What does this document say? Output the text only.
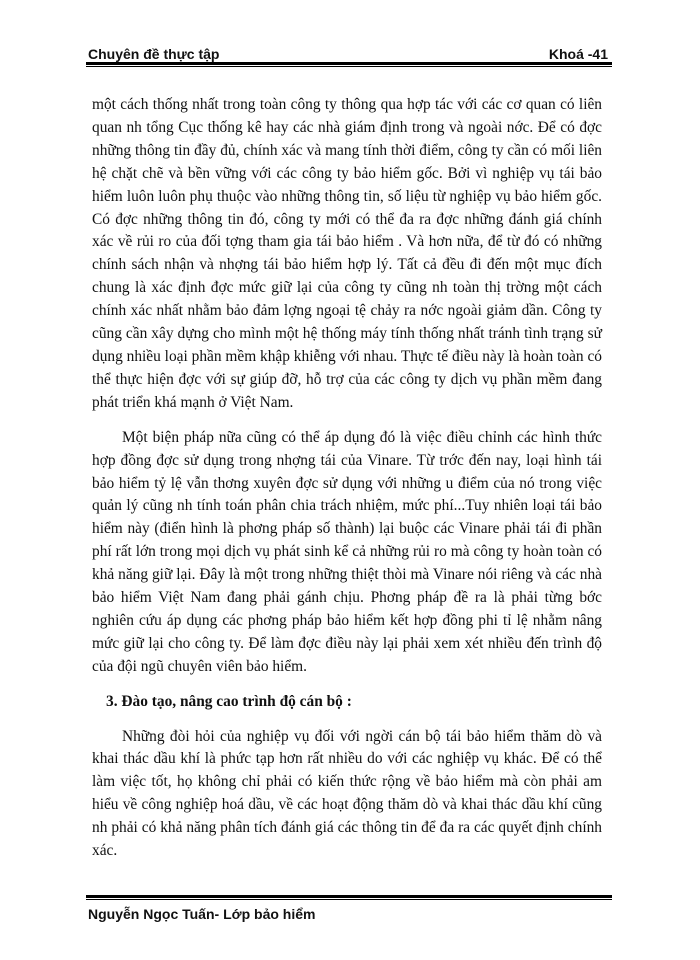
Chuyên đề thực tập	Khoá -41

một cách thống nhất trong toàn công ty thông qua hợp tác với các cơ quan có liên quan nh tổng Cục thống kê hay các nhà giám định trong và ngoài nớc. Để có đợc những thông tin đầy đủ, chính xác và mang tính thời điểm, công ty cần có mối liên hệ chặt chẽ và bền vững với các công ty bảo hiểm gốc. Bởi vì nghiệp vụ tái bảo hiểm luôn luôn phụ thuộc vào những thông tin, số liệu từ nghiệp vụ bảo hiểm gốc. Có đợc những thông tin đó, công ty mới có thể đa ra đợc những đánh giá chính xác về rủi ro của đối tợng tham gia tái bảo hiểm . Và hơn nữa, để từ đó có những chính sách nhận và nhợng tái bảo hiểm hợp lý. Tất cả đều đi đến một mục đích chung là xác định đợc mức giữ lại của công ty cũng nh toàn thị trờng một cách chính xác nhất nhằm bảo đảm lợng ngoại tệ chảy ra nớc ngoài giảm dần. Công ty cũng cần xây dựng cho mình một hệ thống máy tính thống nhất tránh tình trạng sử dụng nhiều loại phần mềm khập khiễng với nhau. Thực tế điều này là hoàn toàn có thể thực hiện đợc với sự giúp đỡ, hỗ trợ của các công ty dịch vụ phần mềm đang phát triển khá mạnh ở Việt Nam.

Một biện pháp nữa cũng có thể áp dụng đó là việc điều chỉnh các hình thức hợp đồng đợc sử dụng trong nhợng tái của Vinare. Từ trớc đến nay, loại hình tái bảo hiểm tỷ lệ vẫn thơng xuyên đợc sử dụng với những u điểm của nó trong việc quản lý cũng nh tính toán phân chia trách nhiệm, mức phí...Tuy nhiên loại tái bảo hiểm này (điển hình là phơng pháp số thành) lại buộc các Vinare phải tái đi phần phí rất lớn trong mọi dịch vụ phát sinh kể cả những rủi ro mà công ty hoàn toàn có khả năng giữ lại. Đây là một trong những thiệt thòi mà Vinare nói riêng và các nhà bảo hiểm Việt Nam đang phải gánh chịu. Phơng pháp đề ra là phải từng bớc nghiên cứu áp dụng các phơng pháp bảo hiểm kết hợp đồng phi tỉ lệ nhằm nâng mức giữ lại cho công ty. Để làm đợc điều này lại phải xem xét nhiều đến trình độ của đội ngũ chuyên viên bảo hiểm.

3. Đào tạo, nâng cao trình độ cán bộ :

Những đòi hỏi của nghiệp vụ đối với ngời cán bộ tái bảo hiểm thăm dò và khai thác dầu khí là phức tạp hơn rất nhiều do với các nghiệp vụ khác. Để có thể làm việc tốt, họ không chỉ phải có kiến thức rộng về bảo hiểm mà còn phải am hiểu về công nghiệp hoá dầu, về các hoạt động thăm dò và khai thác dầu khí cũng nh phải có khả năng phân tích đánh giá các thông tin để đa ra các quyết định chính xác.

Nguyễn Ngọc Tuấn- Lớp bảo hiểm
